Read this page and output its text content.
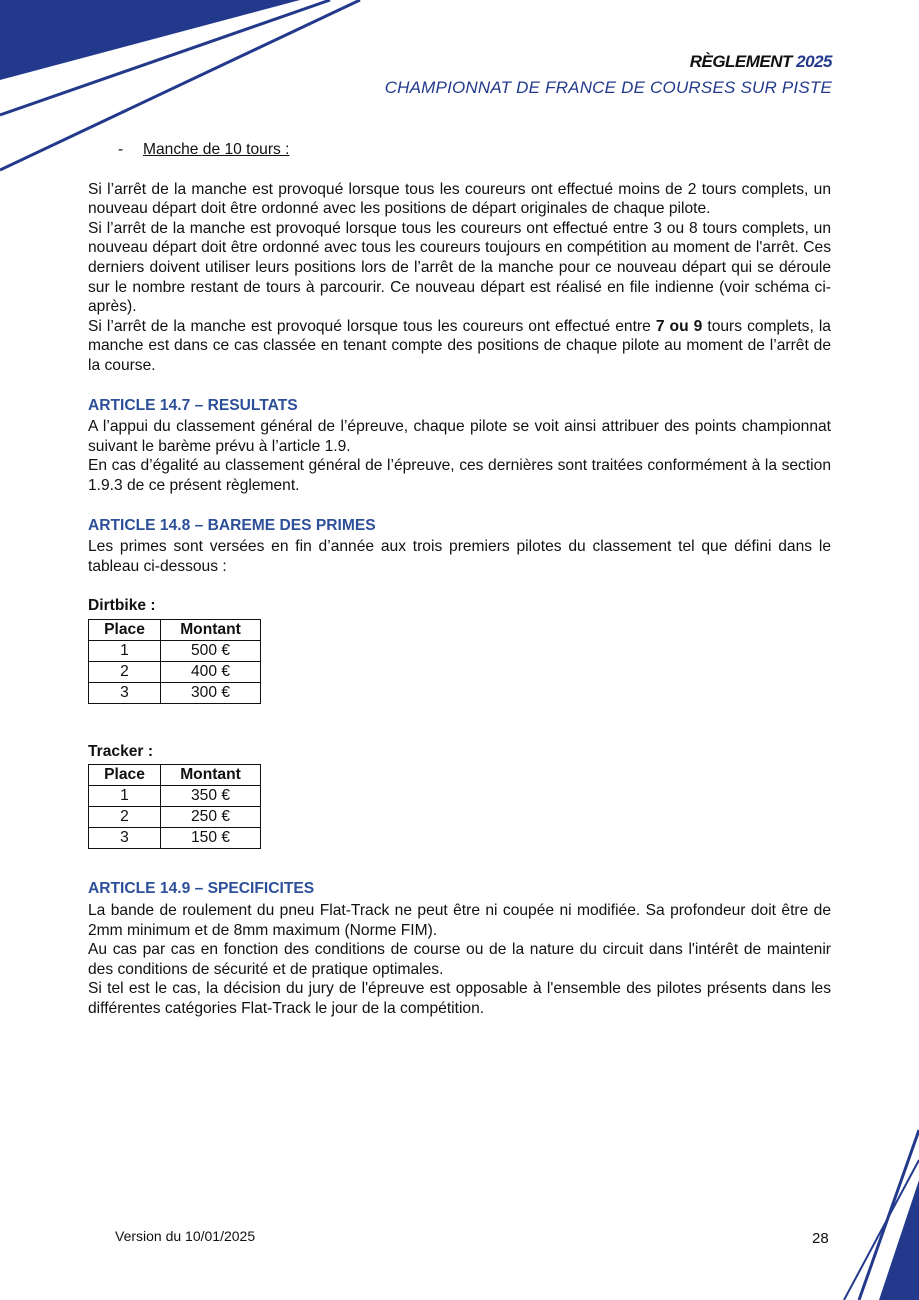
RÈGLEMENT 2025
CHAMPIONNAT DE FRANCE DE COURSES SUR PISTE
-	Manche de 10 tours :

Si l’arrêt de la manche est provoqué lorsque tous les coureurs ont effectué moins de 2 tours complets, un nouveau départ doit être ordonné avec les positions de départ originales de chaque pilote.

Si l’arrêt de la manche est provoqué lorsque tous les coureurs ont effectué entre 3 ou 8 tours complets, un nouveau départ doit être ordonné avec tous les coureurs toujours en compétition au moment de l'arrêt. Ces derniers doivent utiliser leurs positions lors de l’arrêt de la manche pour ce nouveau départ qui se déroule sur le nombre restant de tours à parcourir. Ce nouveau départ est réalisé en file indienne (voir schéma ci-après).

Si l’arrêt de la manche est provoqué lorsque tous les coureurs ont effectué entre 7 ou 9 tours complets, la manche est dans ce cas classée en tenant compte des positions de chaque pilote au moment de l’arrêt de la course.

ARTICLE 14.7 – RESULTATS

A l’appui du classement général de l’épreuve, chaque pilote se voit ainsi attribuer des points championnat suivant le barème prévu à l’article 1.9.

En cas d’égalité au classement général de l’épreuve, ces dernières sont traitées conformément à la section 1.9.3 de ce présent règlement.

ARTICLE 14.8 – BAREME DES PRIMES

Les primes sont versées en fin d’année aux trois premiers pilotes du classement tel que défini dans le tableau ci-dessous :

Dirtbike :
Place	Montant
1	500 €
2	400 €
3	300 €
Tracker :
Place	Montant
1	350 €
2	250 €
3	150 €
ARTICLE 14.9 – SPECIFICITES

La bande de roulement du pneu Flat-Track ne peut être ni coupée ni modifiée. Sa profondeur doit être de 2mm minimum et de 8mm maximum (Norme FIM).

Au cas par cas en fonction des conditions de course ou de la nature du circuit dans l'intérêt de maintenir des conditions de sécurité et de pratique optimales.

Si tel est le cas, la décision du jury de l'épreuve est opposable à l'ensemble des pilotes présents dans les différentes catégories Flat-Track le jour de la compétition.

Version du 10/01/2025	28
